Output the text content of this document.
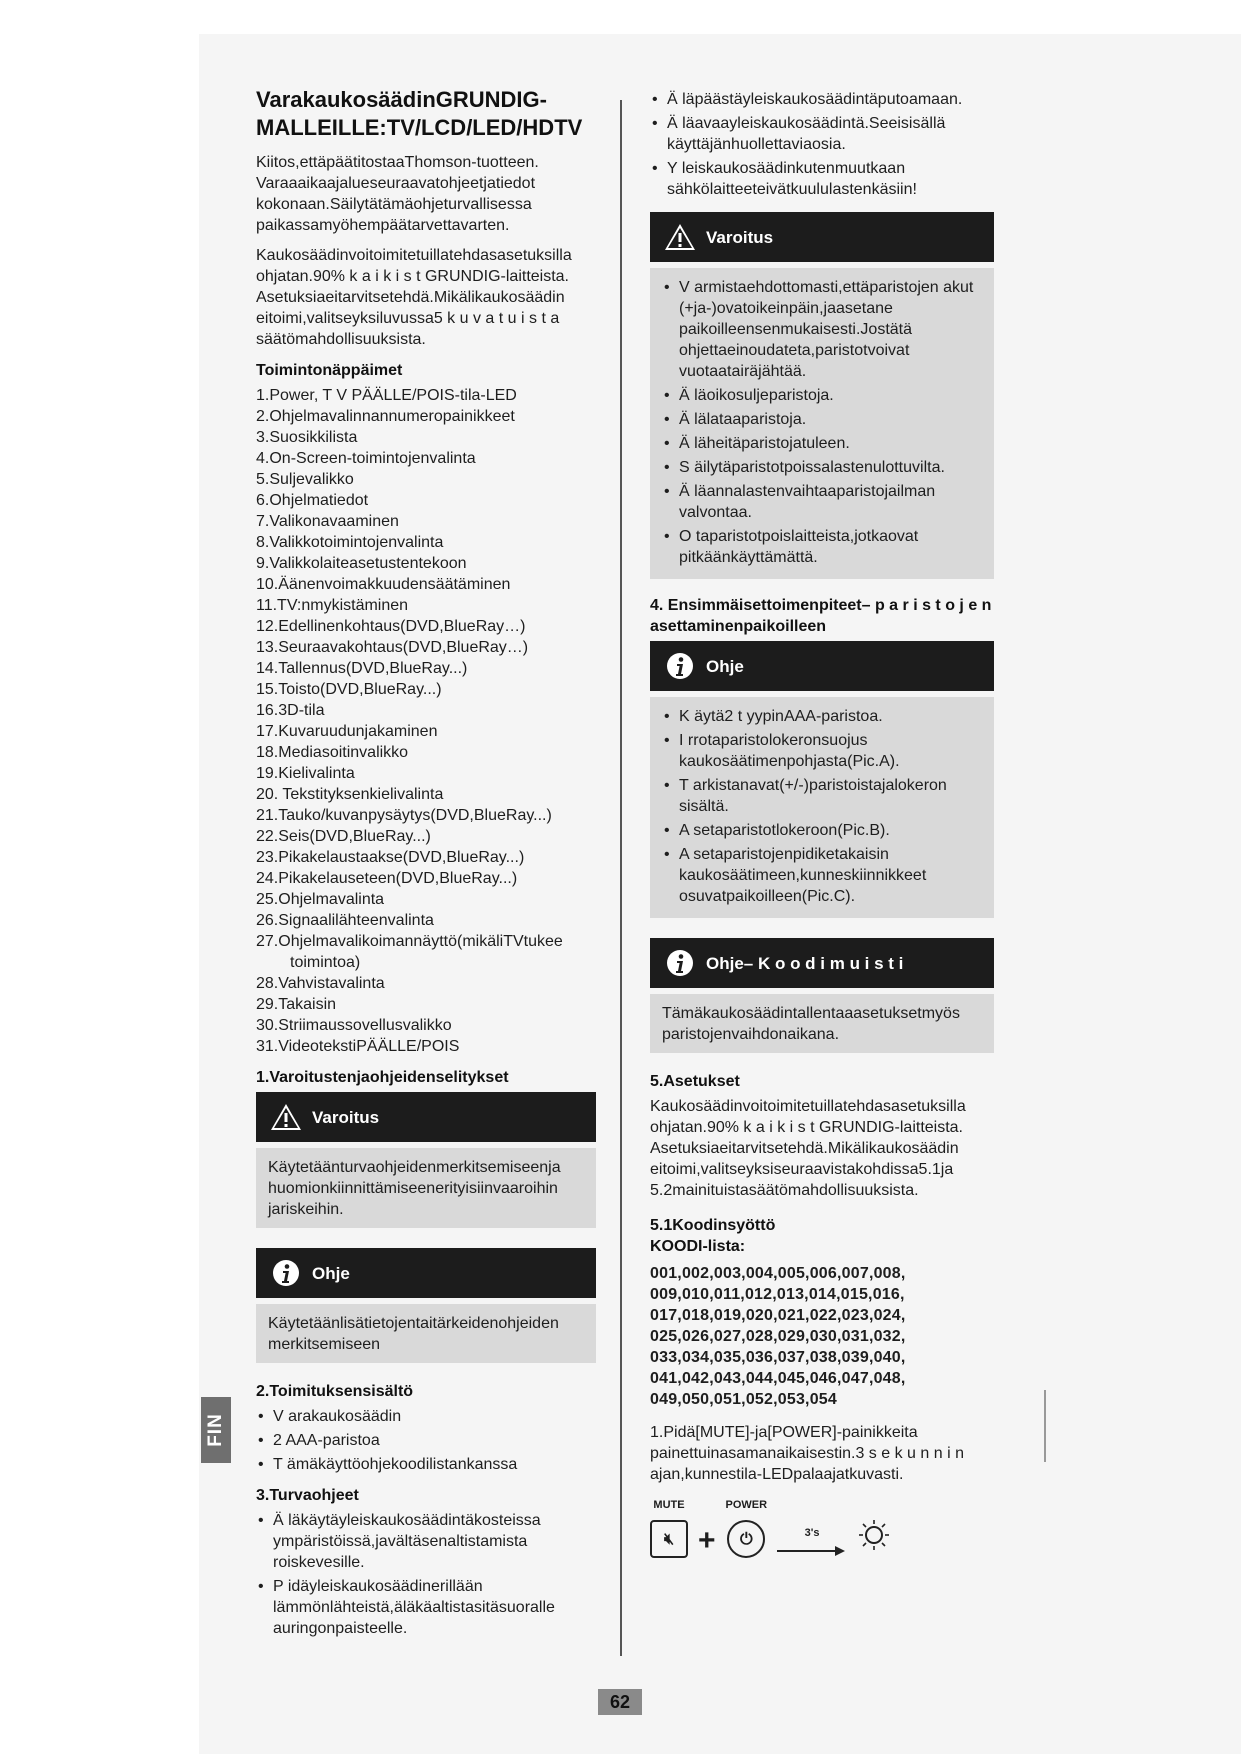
FIN
VarakaukosäädinGRUNDIG-MALLEILLE:TV/LCD/LED/HDTV

Kiitos,ettäpäätitostaaThomson-tuotteen. Varaaaikaajalueseuraavatohjeetjatiedot kokonaan.Säilytätämäohjeturvallisessa paikassamyöhempäätarvettavarten.

Kaukosäädinvoitoimitetuillatehdasasetuksilla ohjatan.90% k a i k i s t GRUNDIG-laitteista. Asetuksiaeitarvitsetehdä.Mikälikaukosäädin eitoimi,valitseyksiluvussa5 k u v a t u i s t a säätömahdollisuuksista.

Toimintonäppäimet
1.Power, T V PÄÄLLE/POIS-tila-LED
2.Ohjelmavalinnannumeropainikkeet
3.Suosikkilista
4.On-Screen-toimintojenvalinta
5.Suljevalikko
6.Ohjelmatiedot
7.Valikonavaaminen
8.Valikkotoimintojenvalinta
9.Valikkolaiteasetustentekoon
10.Äänenvoimakkuudensäätäminen
11.TV:nmykistäminen
12.Edellinenkohtaus(DVD,BlueRay…)
13.Seuraavakohtaus(DVD,BlueRay…)
14.Tallennus(DVD,BlueRay...)
15.Toisto(DVD,BlueRay...)
16.3D-tila
17.Kuvaruudunjakaminen
18.Mediasoitinvalikko
19.Kielivalinta
20. Tekstityksenkielivalinta
21.Tauko/kuvanpysäytys(DVD,BlueRay...)
22.Seis(DVD,BlueRay...)
23.Pikakelaustaakse(DVD,BlueRay...)
24.Pikakelauseteen(DVD,BlueRay...)
25.Ohjelmavalinta
26.Signaalilähteenvalinta
27.Ohjelmavalikoimannäyttö(mikäliTVtukee toimintoa)
28.Vahvistavalinta
29.Takaisin
30.Striimaussovellusvalikko
31.VideotekstiPÄÄLLE/POIS
1.Varoitustenjaohjeidenselitykset
Varoitus
Käytetäänturvaohjeidenmerkitsemiseenja huomionkiinnittämiseenerityisiinvaaroihin jariskeihin.
Ohje
Käytetäänlisätietojentaitärkeidenohjeiden merkitsemiseen
2.Toimituksensisältö
• V arakaukosäädin
• 2 AAA-paristoa
• T ämäkäyttöohjekoodilistankanssa
3.Turvaohjeet
• Ä läkäytäyleiskaukosäädintäkosteissa ympäristöissä,javältäsenaltistamista roiskevesille.
• P idäyleiskaukosäädinerillään lämmönlähteistä,äläkäaltistasitäsuoralle auringonpaisteelle.
• Ä läpäästäyleiskaukosäädintäputoamaan.
• Ä läavaayleiskaukosäädintä.Seeisisällä käyttäjänhuollettaviaosia.
• Y leiskaukosäädinkutenmuutkaan sähkölaitteeteivätkuululastenkäsiin!
Varoitus
• V armistaehdottomasti,ettäparistojen akut (+ja-)ovatoikeinpäin,jaasetane paikoilleensenmukaisesti.Jostätä ohjettaeinoudateta,paristotvoivat vuotaatairäjähtää.
• Ä läoikosuljeparistoja.
• Ä lälataaparistoja.
• Ä läheitäparistojatuleen.
• S äilytäparistotpoissalastenulottuvilta.
• Ä läannalastenvaihtaaparistojailman valvontaa.
• O taparistotpoislaitteista,jotkaovat pitkäänkäyttämättä.
4. Ensimmäisettoimenpiteet– p a r i s t o j e n asettaminenpaikoilleen
Ohje
• K äytä2 t yypinAAA-paristoa.
• I rrotaparistolokeronsuojus kaukosäätimenpohjasta(Pic.A).
• T arkistanavat(+/-)paristoistajalokeron sisältä.
• A setaparistotlokeroon(Pic.B).
• A setaparistojenpidiketakaisin kaukosäätimeen,kunneskiinnikkeet osuvatpaikoilleen(Pic.C).
Ohje– K o o d i m u i s t i
Tämäkaukosäädintallentaaasetuksetmyös paristojenvaihdonaikana.
5.Asetukset

Kaukosäädinvoitoimitetuillatehdasasetuksilla ohjatan.90% k a i k i s t GRUNDIG-laitteista. Asetuksiaeitarvitsetehdä.Mikälikaukosäädin eitoimi,valitseyksiseuraavistakohdissa5.1ja 5.2mainituistasäätömahdollisuuksista.

5.1Koodinsyöttö
KOODI-lista:
001,002,003,004,005,006,007,008, 009,010,011,012,013,014,015,016, 017,018,019,020,021,022,023,024, 025,026,027,028,029,030,031,032, 033,034,035,036,037,038,039,040, 041,042,043,044,045,046,047,048, 049,050,051,052,053,054

1.Pidä[MUTE]-ja[POWER]-painikkeita painettuinasamanaikaisestin.3 s e k u n n i n ajan,kunnestila-LEDpalaajatkuvasti.

MUTE
🔇︎ +
POWER
⏻	3's
62
